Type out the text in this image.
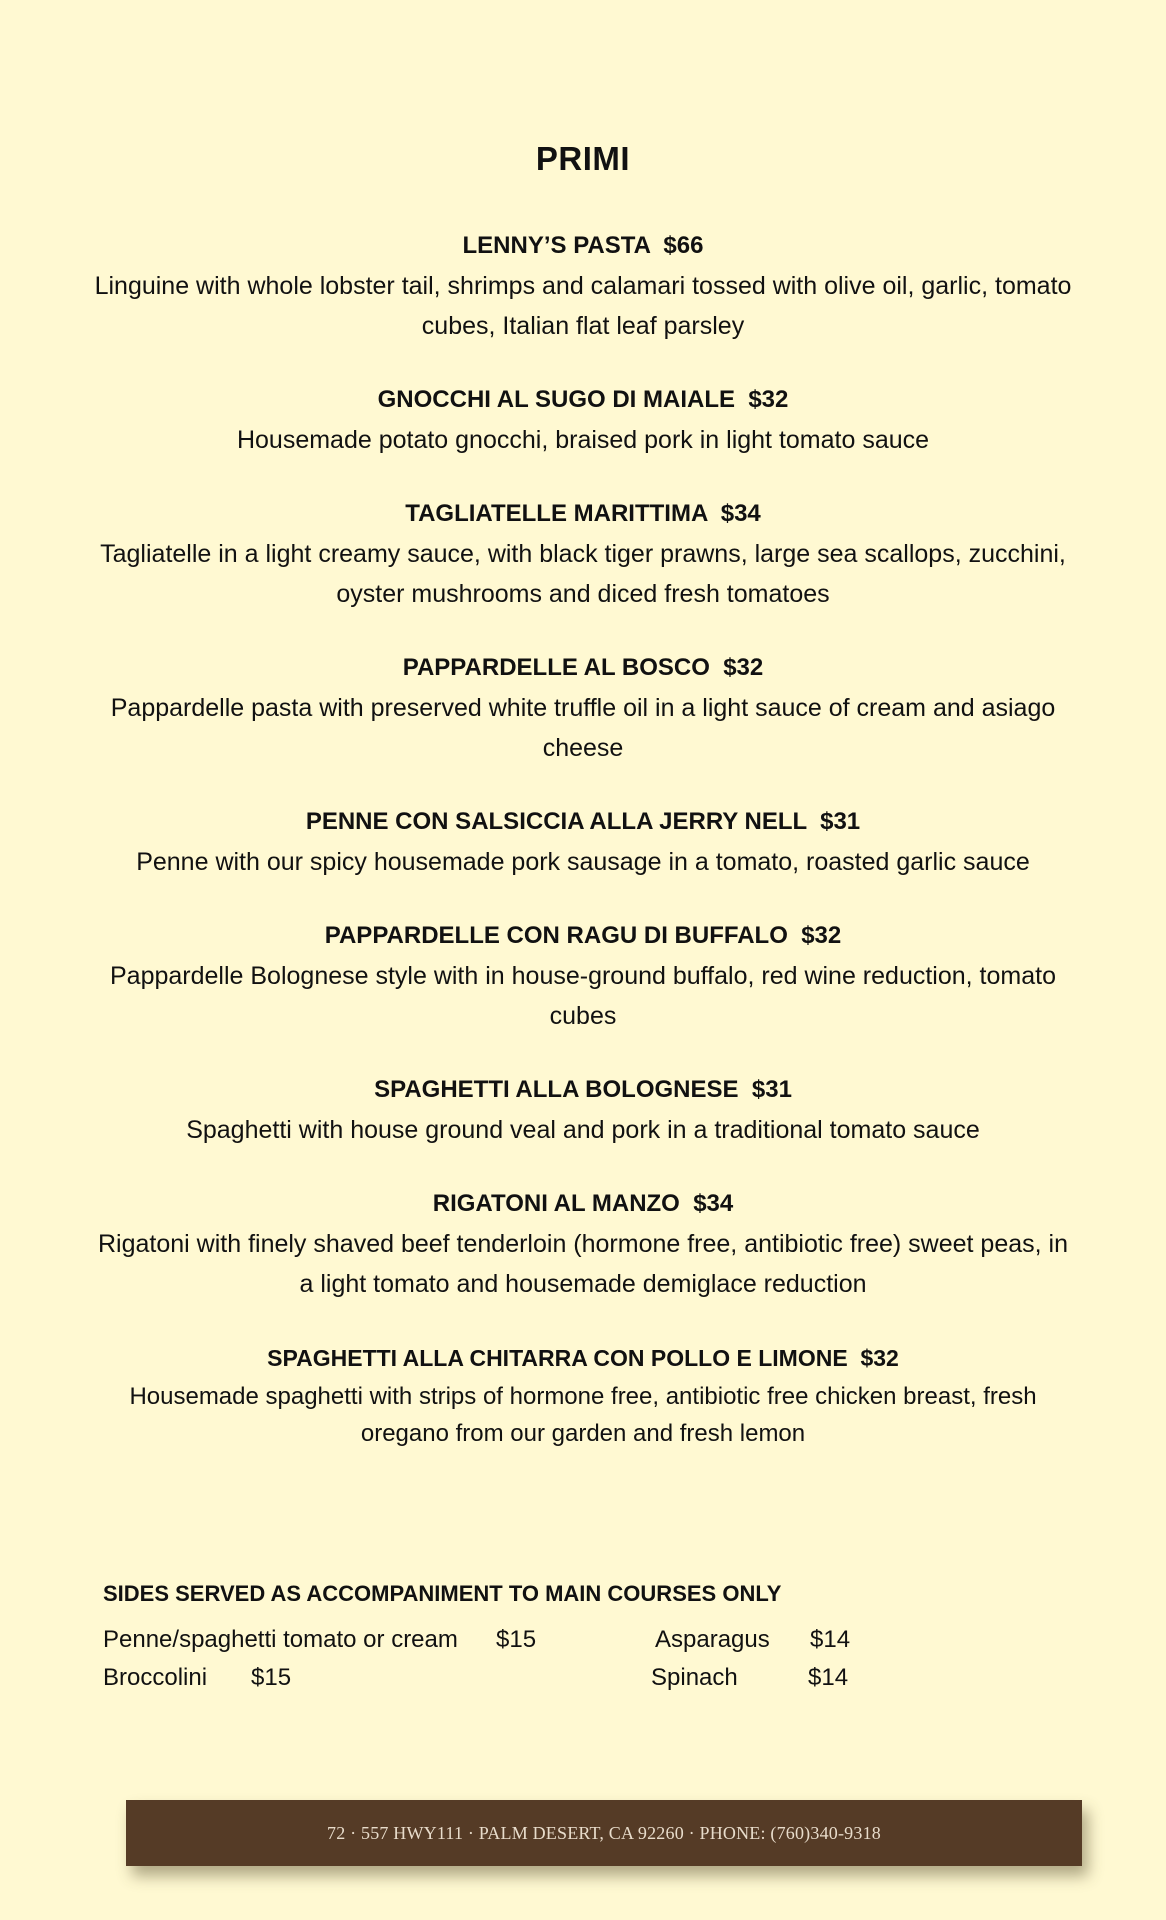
PRIMI
LENNY’S PASTA  $66
Linguine with whole lobster tail, shrimps and calamari tossed with olive oil, garlic, tomato cubes, Italian flat leaf parsley
GNOCCHI AL SUGO DI MAIALE  $32
Housemade potato gnocchi, braised pork in light tomato sauce
TAGLIATELLE MARITTIMA  $34
Tagliatelle in a light creamy sauce, with black tiger prawns, large sea scallops, zucchini, oyster mushrooms and diced fresh tomatoes
PAPPARDELLE AL BOSCO  $32
Pappardelle pasta with preserved white truffle oil in a light sauce of cream and asiago cheese
PENNE CON SALSICCIA ALLA JERRY NELL  $31
Penne with our spicy housemade pork sausage in a tomato, roasted garlic sauce
PAPPARDELLE CON RAGU DI BUFFALO  $32
Pappardelle Bolognese style with in house-ground buffalo, red wine reduction, tomato cubes
SPAGHETTI ALLA BOLOGNESE  $31
Spaghetti with house ground veal and pork in a traditional tomato sauce
RIGATONI AL MANZO  $34
Rigatoni with finely shaved beef tenderloin (hormone free, antibiotic free) sweet peas, in a light tomato and housemade demiglace reduction
SPAGHETTI ALLA CHITARRA CON POLLO E LIMONE  $32
Housemade spaghetti with strips of hormone free, antibiotic free chicken breast, fresh oregano from our garden and fresh lemon
SIDES SERVED AS ACCOMPANIMENT TO MAIN COURSES ONLY
Penne/spaghetti tomato or cream $15	Asparagus $14
Broccolini $15	Spinach	$14
72 · 557 HWY111 · PALM DESERT, CA 92260 · PHONE: (760)340-9318
